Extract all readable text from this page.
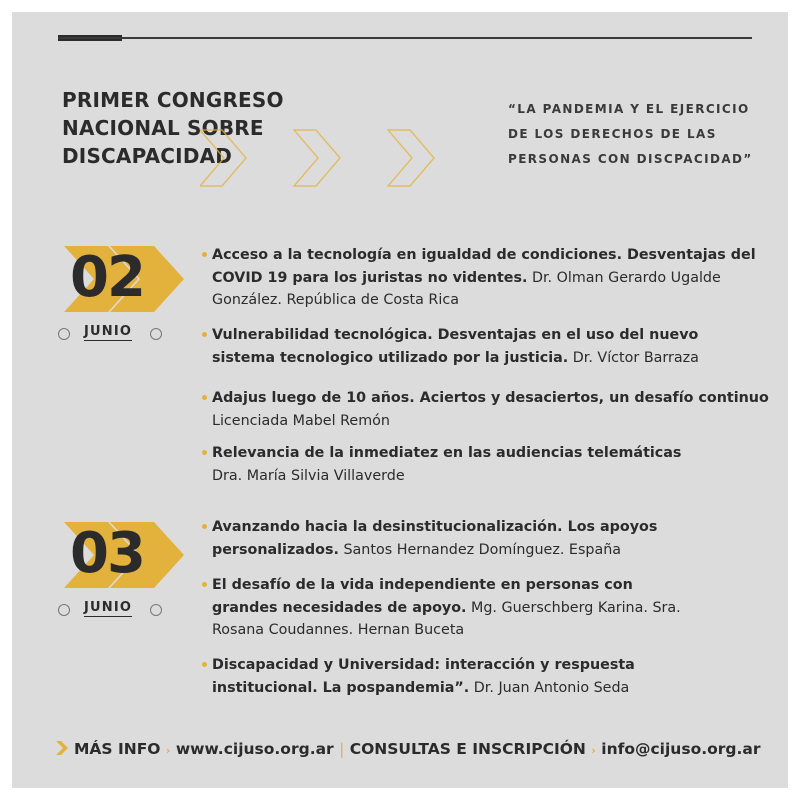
PRIMER CONGRESO
NACIONAL SOBRE
DISCAPACIDAD
“LA PANDEMIA Y EL EJERCICIO
DE LOS DERECHOS DE LAS
PERSONAS CON DISCPACIDAD”
02
JUNIO
Acceso a la tecnología en igualdad de condiciones. Desventajas del COVID 19 para los juristas no videntes. Dr. Olman Gerardo Ugalde González. República de Costa Rica
Vulnerabilidad tecnológica. Desventajas en el uso del nuevo sistema tecnologico utilizado por la justicia. Dr. Víctor Barraza
Adajus luego de 10 años. Aciertos y desaciertos, un desafío continuo
Licenciada Mabel Remón
Relevancia de la inmediatez en las audiencias telemáticas
Dra. María Silvia Villaverde
03
JUNIO
Avanzando hacia la desinstitucionalización. Los apoyos personalizados. Santos Hernandez Domínguez. España
El desafío de la vida independiente en personas con grandes necesidades de apoyo. Mg. Guerschberg Karina. Sra. Rosana Coudannes. Hernan Buceta
Discapacidad y Universidad: interacción y respuesta institucional. La pospandemia”. Dr. Juan Antonio Seda
MÁS INFO › www.cijuso.org.ar | CONSULTAS E INSCRIPCIÓN › info@cijuso.org.ar
